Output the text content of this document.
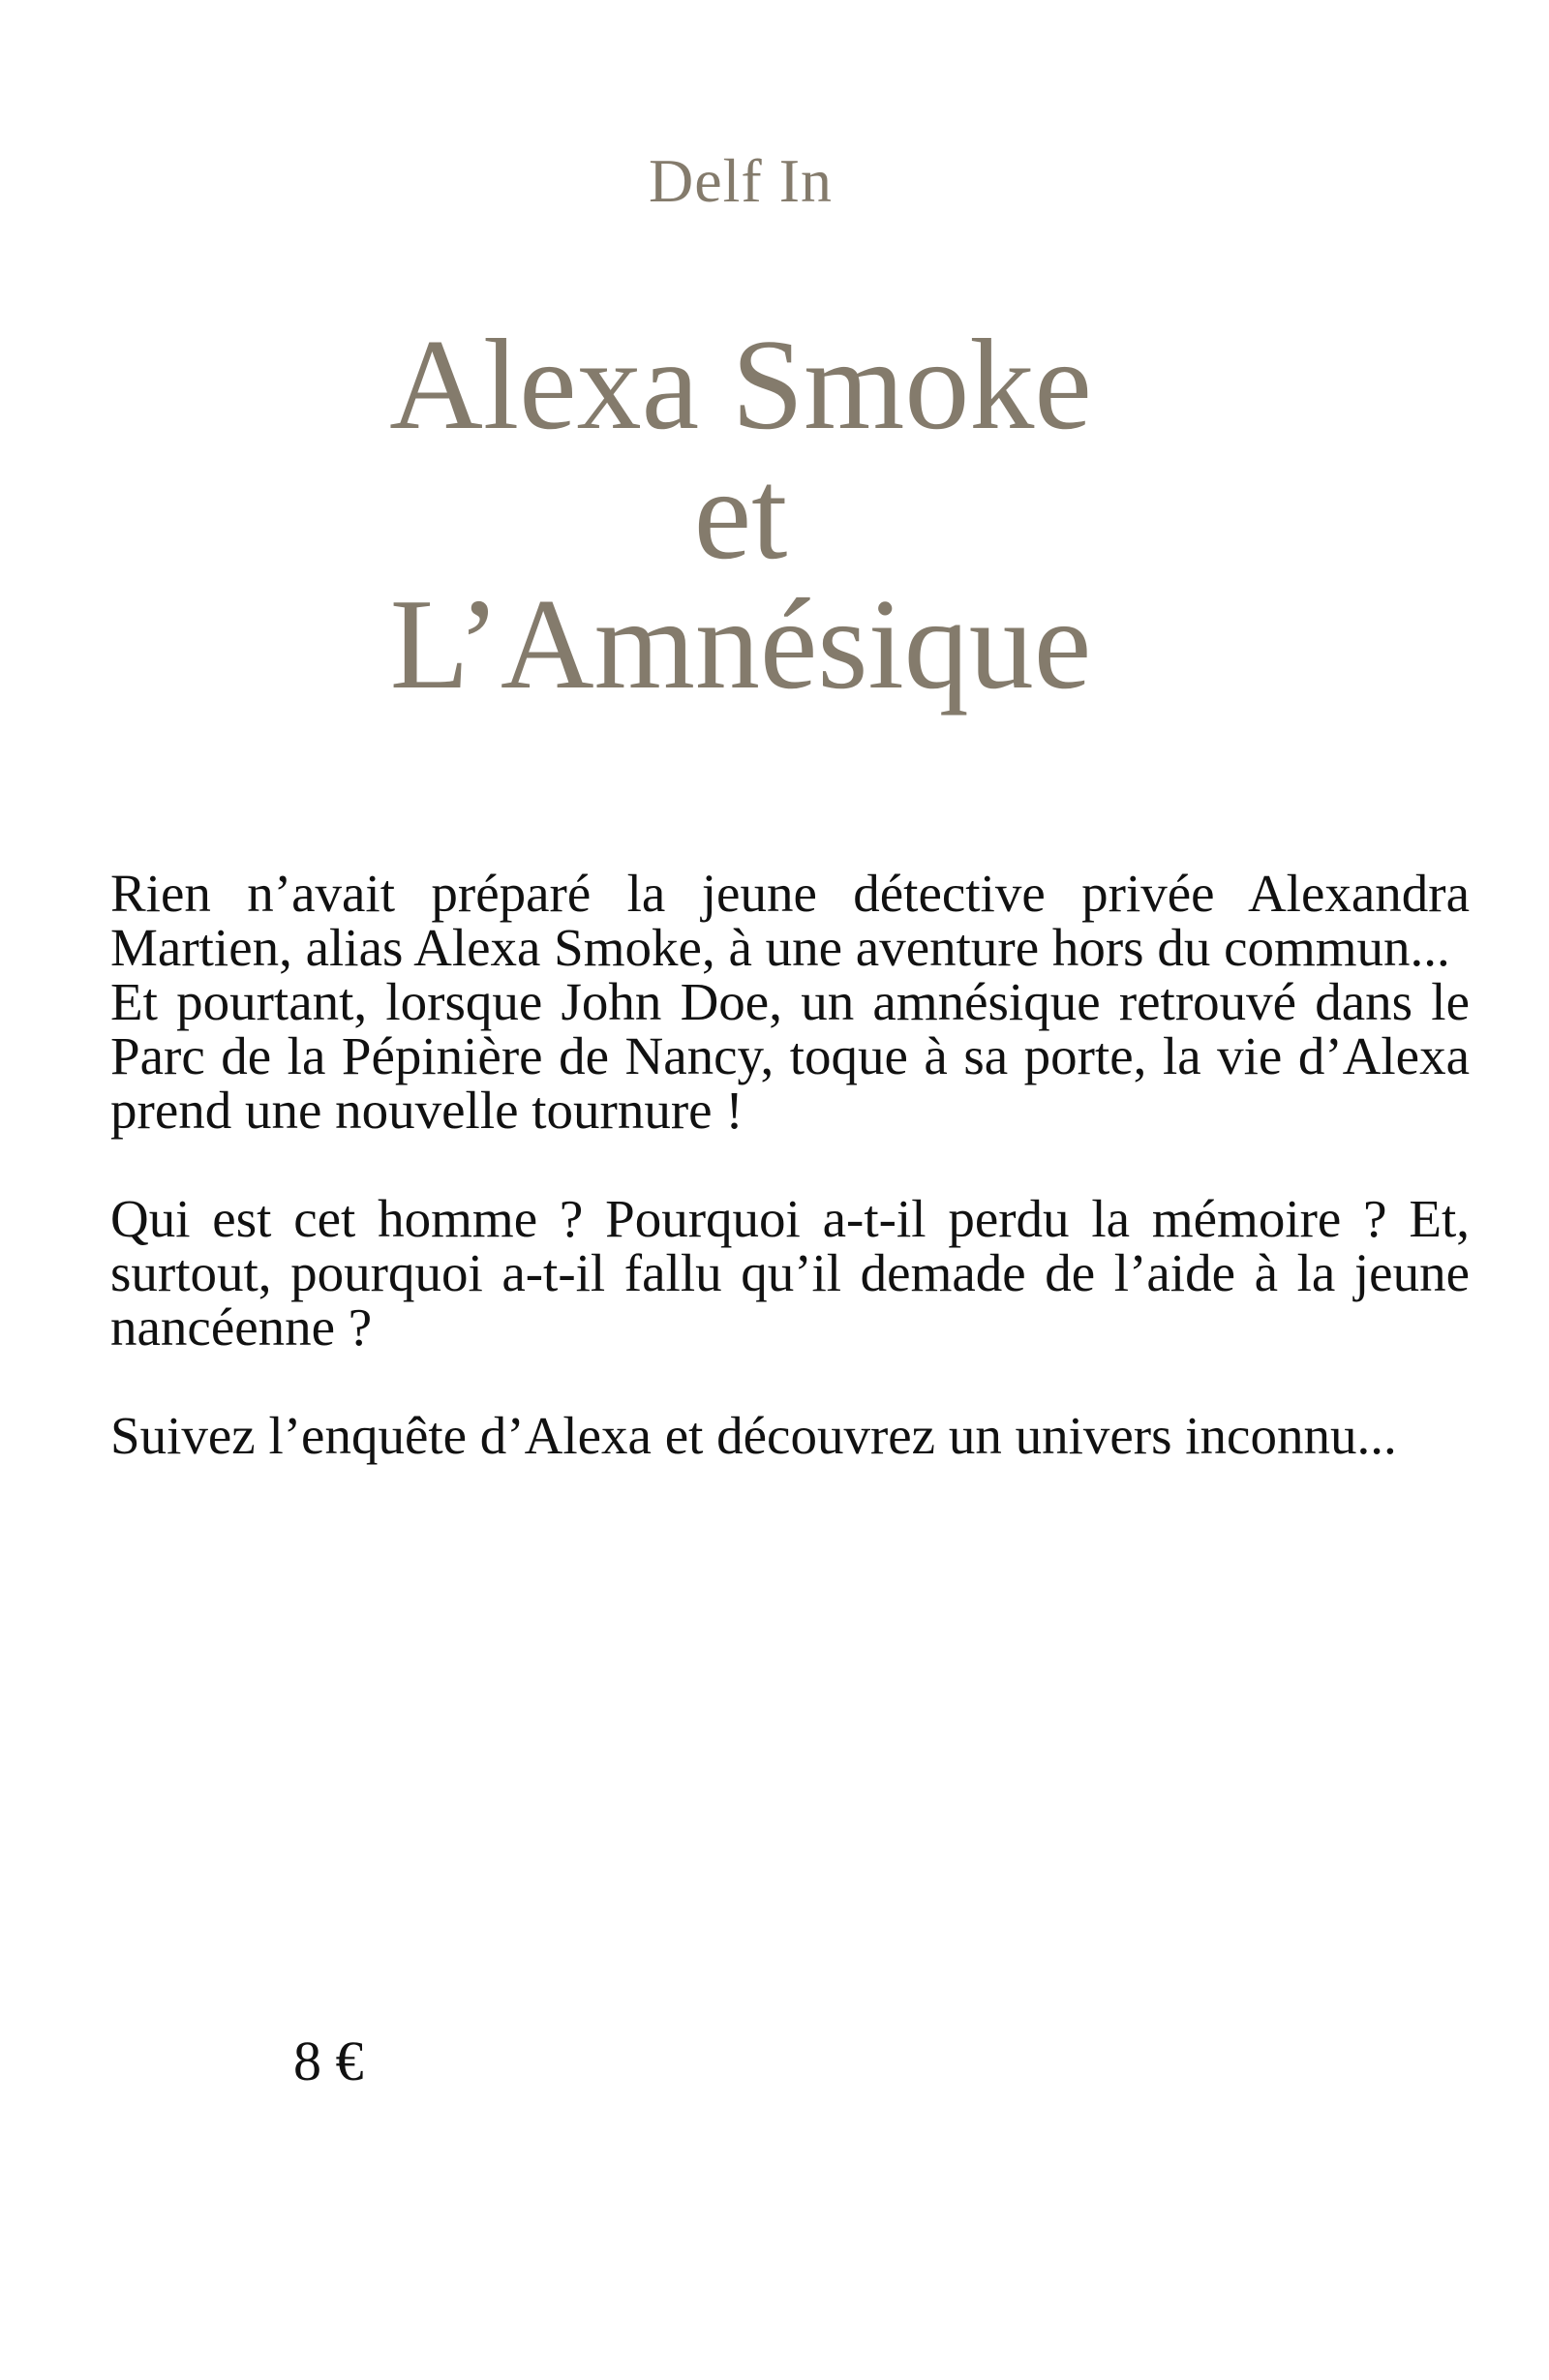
Delf In
Alexa Smoke
et
L’Amnésique

Rien n’avait préparé la jeune détective privée Alexandra Martien, alias Alexa Smoke, à une aventure hors du commun...

Et pourtant, lorsque John Doe, un amnésique retrouvé dans le Parc de la Pépinière de Nancy, toque à sa porte, la vie d’Alexa prend une nouvelle tournure !

Qui est cet homme ? Pourquoi a-t-il perdu la mémoire ? Et, surtout, pourquoi a-t-il fallu qu’il demade de l’aide à la jeune nancéenne ?

Suivez l’enquête d’Alexa et découvrez un univers inconnu...

8 €
